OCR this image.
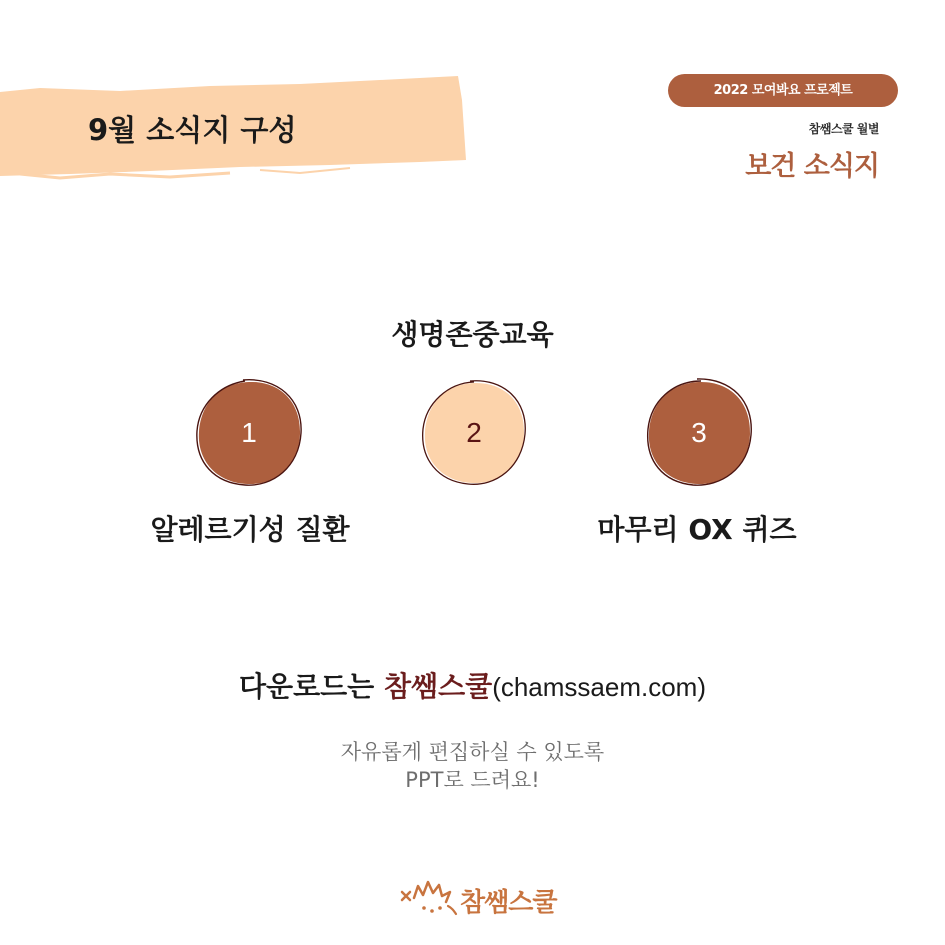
9월 소식지 구성
2022 모여봐요 프로젝트
참쌤스쿨 월별
보건 소식지
생명존중교육
1	2	3
알레르기성 질환	마무리 OX 퀴즈
다운로드는 참쌤스쿨(chamssaem.com)
자유롭게 편집하실 수 있도록
PPT로 드려요!
참쌤스쿨
